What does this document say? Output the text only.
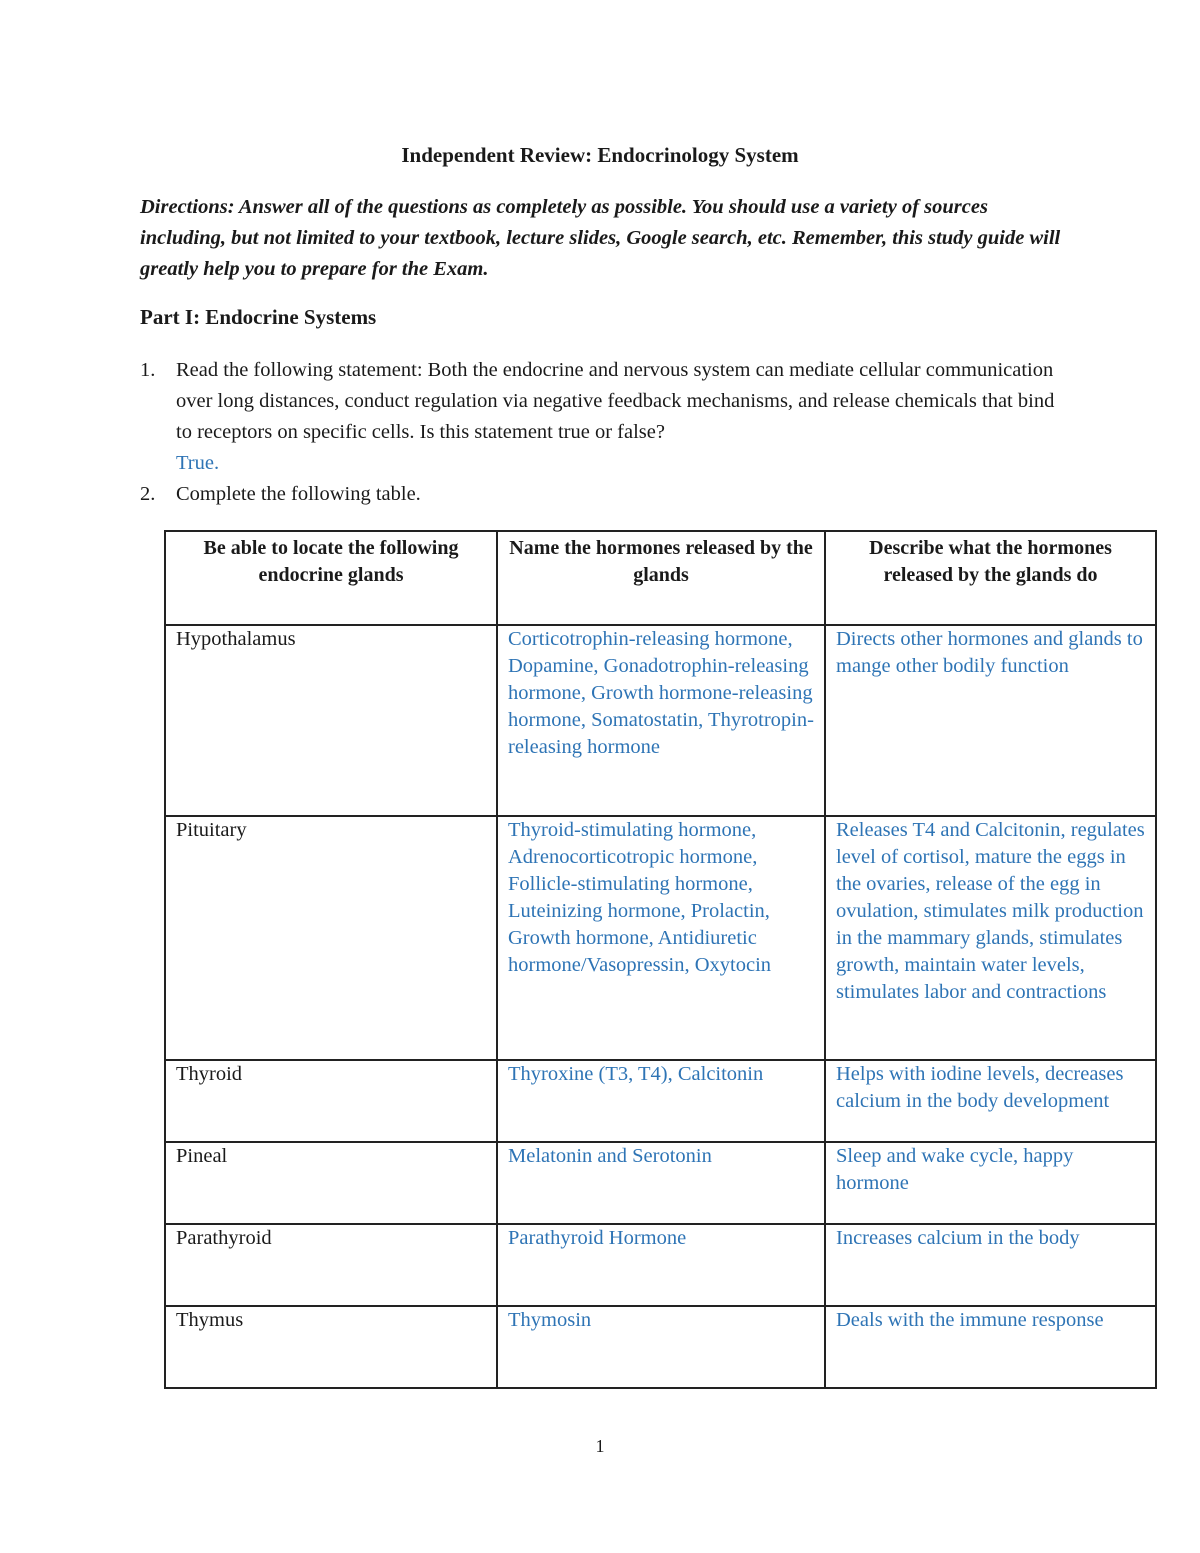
Independent Review: Endocrinology System
Directions: Answer all of the questions as completely as possible. You should use a variety of sources including, but not limited to your textbook, lecture slides, Google search, etc. Remember, this study guide will greatly help you to prepare for the Exam.
Part I: Endocrine Systems
1. Read the following statement: Both the endocrine and nervous system can mediate cellular communication over long distances, conduct regulation via negative feedback mechanisms, and release chemicals that bind to receptors on specific cells. Is this statement true or false?
True.
2. Complete the following table.
Be able to locate the following endocrine glands	Name the hormones released by the glands	Describe what the hormones released by the glands do
Hypothalamus	Corticotrophin-releasing hormone, Dopamine, Gonadotrophin-releasing hormone, Growth hormone-releasing hormone, Somatostatin, Thyrotropin-releasing hormone	Directs other hormones and glands to mange other bodily function
Pituitary	Thyroid-stimulating hormone, Adrenocorticotropic hormone, Follicle-stimulating hormone, Luteinizing hormone, Prolactin, Growth hormone, Antidiuretic hormone/Vasopressin, Oxytocin	Releases T4 and Calcitonin, regulates level of cortisol, mature the eggs in the ovaries, release of the egg in ovulation, stimulates milk production in the mammary glands, stimulates growth, maintain water levels, stimulates labor and contractions
Thyroid	Thyroxine (T3, T4), Calcitonin	Helps with iodine levels, decreases calcium in the body development
Pineal	Melatonin and Serotonin	Sleep and wake cycle, happy hormone
Parathyroid	Parathyroid Hormone	Increases calcium in the body
Thymus	Thymosin	Deals with the immune response
1
